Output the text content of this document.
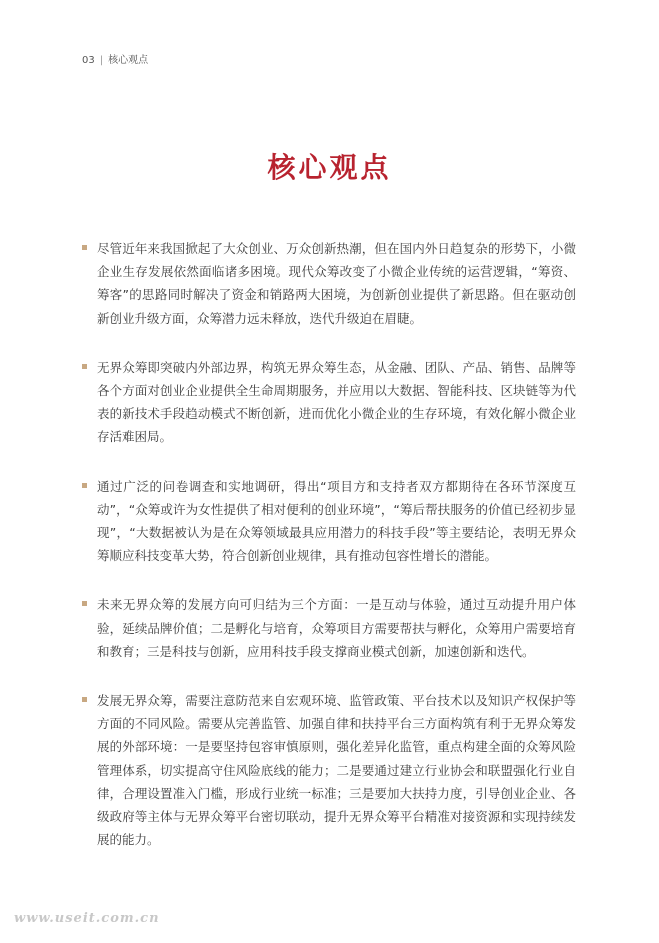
03 | 核心观点
核心观点
尽管近年来我国掀起了大众创业、万众创新热潮，但在国内外日趋复杂的形势下，小微企业生存发展依然面临诸多困境。现代众筹改变了小微企业传统的运营逻辑，“筹资、筹客”的思路同时解决了资金和销路两大困境，为创新创业提供了新思路。但在驱动创新创业升级方面，众筹潜力远未释放，迭代升级迫在眉睫。
无界众筹即突破内外部边界，构筑无界众筹生态，从金融、团队、产品、销售、品牌等各个方面对创业企业提供全生命周期服务，并应用以大数据、智能科技、区块链等为代表的新技术手段趋动模式不断创新，进而优化小微企业的生存环境，有效化解小微企业存活难困局。
通过广泛的问卷调查和实地调研，得出“项目方和支持者双方都期待在各环节深度互动”，“众筹或许为女性提供了相对便利的创业环境”，“筹后帮扶服务的价值已经初步显现”，“大数据被认为是在众筹领域最具应用潜力的科技手段”等主要结论，表明无界众筹顺应科技变革大势，符合创新创业规律，具有推动包容性增长的潜能。
未来无界众筹的发展方向可归结为三个方面：一是互动与体验，通过互动提升用户体验，延续品牌价值；二是孵化与培育，众筹项目方需要帮扶与孵化，众筹用户需要培育和教育；三是科技与创新，应用科技手段支撑商业模式创新，加速创新和迭代。
发展无界众筹，需要注意防范来自宏观环境、监管政策、平台技术以及知识产权保护等方面的不同风险。需要从完善监管、加强自律和扶持平台三方面构筑有利于无界众筹发展的外部环境：一是要坚持包容审慎原则，强化差异化监管，重点构建全面的众筹风险管理体系，切实提高守住风险底线的能力；二是要通过建立行业协会和联盟强化行业自律，合理设置准入门槛，形成行业统一标准；三是要加大扶持力度，引导创业企业、各级政府等主体与无界众筹平台密切联动，提升无界众筹平台精准对接资源和实现持续发展的能力。
www.useit.com.cn
